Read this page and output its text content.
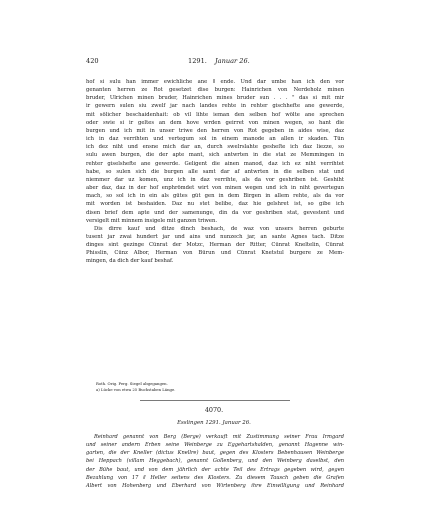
420	1291. Januar 26.
hof si sulu han immer ewichliche ane ǁ ende. Und dar umbe han ich den vor
genanten herren ze Rot gesetzet dise burgen: Hainrichen von Nerdeholz minen
bruder, Ulrichen minen bruder, Hainrichen mines bruder sun . . . " das si mit mir
ir gewern sulen siu zwelf jar nach landes rehte in rehter gischhefte ane gewerde,
mit sölicher beschaidenhait: ob vil lihte ieman den selben hof wölte ane sprechen
oder swie si ir geltes an dem hove wrden geirret von minen wegen, so hant die
burgen und ich mit in unser triwe den herren von Rot gegeben in aides wise, daz
ich in daz verrihten und vertegum sol in einem manode an allen ir skaden. Tün
ich dez niht und ensne mich dar an, durch swelrslahte gesheſte ich daz liezze, so
sulu awen burgen, die der apte mant, sich antwrten in die stat ze Memmingen in
rehter giselshefte ane gewerde. Geligent die ainen manod, daz ich ez niht verrihtet
habe, so sulen sich die burgen alle samt dar af antwrten in die selben stat und
niemmer dar uz komen, unz ich in daz verrihte, als da vor geshriben ist. Geshiht
aber daz, daz in der hof enphrömdet wirt von minen wegen und ich in niht gevertegun
mach, so sol ich in ein als gütes güt gen in dem Birgen in allem rehte, als da vor
mit worden ist beshaiden. Daz nu stet belibe, daz hie gelshret ist, so gibe ich
disen brief dem apte und der samenunge, din da vor geshriben stat, gevestent und
versigelt mit minnem insigele mit ganzen triwen.
Dis dirre kauf und ditze dinch beshach, de waz von unsers herren geburte
tusent jar zwai hundert jar und ains und nunzech jar, an sante Agnes tach. Ditze
dinges sint gezinge Cünrat der Motzc, Herman der Ritter, Cünrat Kneltelin, Cünrat
Phisslin, Cünz Albor, Herman von Bürun und Cünrat Knetstul burgere ze Mem-
mingen, da dich der kauf beshaf.
Roth. Orig. Perg. Siegel abgegangen.
a) Lücke von etwa 25 Buchstaben Länge.
4070.
Esslingen 1291. Januar 26.
Reinhard genannt von Berg (Berge) verkauft mit Zustimmung seiner Frau Irmgard
und seiner andern Erben seine Weinberge zu Eggehartshalden, genannt Hagenne win-
garten, die der Kneller (dictus Knellre) baut, gegen des Klosters Bebenhausen Weinberge
bei Heppach (villam Heggebach), genannt Gollenberg, und den Weinberg daselbst, den
der Bühe baut, und von dem jährlich der achte Teil des Ertrags gegeben wird, gegen
Bezahlung von 17 ǁ Heller seitens des Klosters. Zu diesem Tausch geben die Grafen
Albert von Hohenberg und Eberhard von Wirtenberg ihre Einwilligung und Reinhard
